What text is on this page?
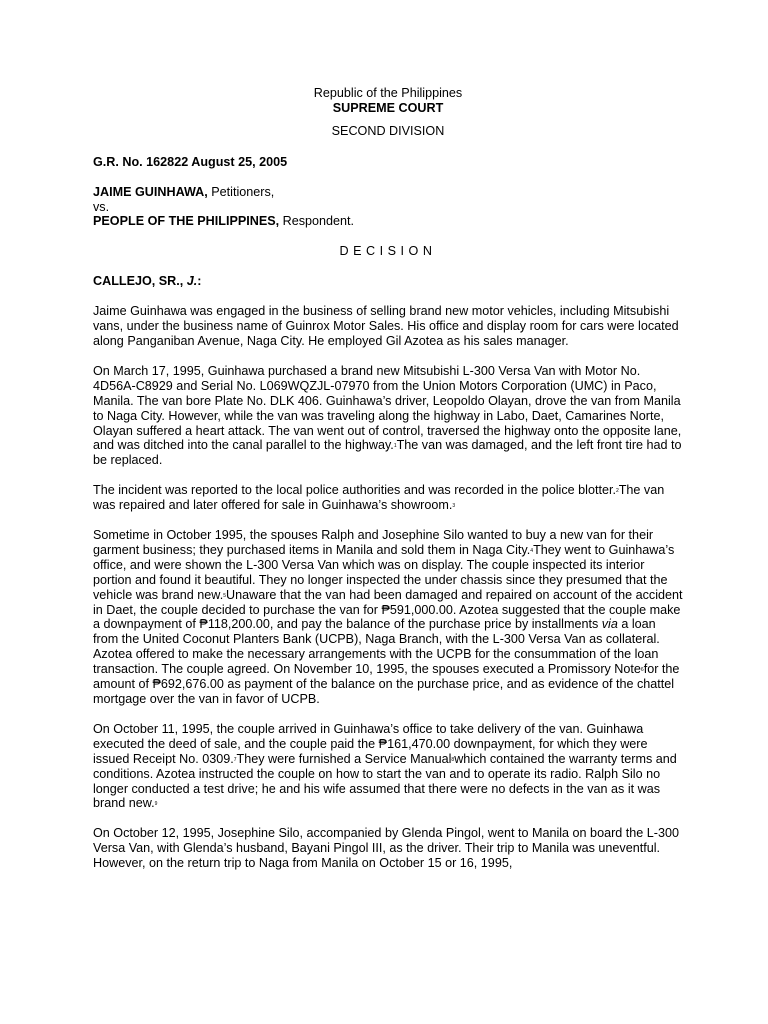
Republic of the Philippines
SUPREME COURT
SECOND DIVISION

G.R. No. 162822 August 25, 2005

JAIME GUINHAWA, Petitioners,

vs.

PEOPLE OF THE PHILIPPINES, Respondent.

DECISION

CALLEJO, SR., J.:

Jaime Guinhawa was engaged in the business of selling brand new motor vehicles, including Mitsubishi vans, under the business name of Guinrox Motor Sales. His office and display room for cars were located along Panganiban Avenue, Naga City. He employed Gil Azotea as his sales manager.

On March 17, 1995, Guinhawa purchased a brand new Mitsubishi L-300 Versa Van with Motor No. 4D56A-C8929 and Serial No. L069WQZJL-07970 from the Union Motors Corporation (UMC) in Paco, Manila. The van bore Plate No. DLK 406. Guinhawa’s driver, Leopoldo Olayan, drove the van from Manila to Naga City. However, while the van was traveling along the highway in Labo, Daet, Camarines Norte, Olayan suffered a heart attack. The van went out of control, traversed the highway onto the opposite lane, and was ditched into the canal parallel to the highway.$^1$The van was damaged, and the left front tire had to be replaced.

The incident was reported to the local police authorities and was recorded in the police blotter.$^2$The van was repaired and later offered for sale in Guinhawa’s showroom.$^3$

Sometime in October 1995, the spouses Ralph and Josephine Silo wanted to buy a new van for their garment business; they purchased items in Manila and sold them in Naga City.$^4$They went to Guinhawa’s office, and were shown the L-300 Versa Van which was on display. The couple inspected its interior portion and found it beautiful. They no longer inspected the under chassis since they presumed that the vehicle was brand new.$^5$Unaware that the van had been damaged and repaired on account of the accident in Daet, the couple decided to purchase the van for ₱591,000.00. Azotea suggested that the couple make a downpayment of ₱118,200.00, and pay the balance of the purchase price by installments via a loan from the United Coconut Planters Bank (UCPB), Naga Branch, with the L-300 Versa Van as collateral. Azotea offered to make the necessary arrangements with the UCPB for the consummation of the loan transaction. The couple agreed. On November 10, 1995, the spouses executed a Promissory Note$^6$for the amount of ₱692,676.00 as payment of the balance on the purchase price, and as evidence of the chattel mortgage over the van in favor of UCPB.

On October 11, 1995, the couple arrived in Guinhawa’s office to take delivery of the van. Guinhawa executed the deed of sale, and the couple paid the ₱161,470.00 downpayment, for which they were issued Receipt No. 0309.$^7$They were furnished a Service Manual$^8$which contained the warranty terms and conditions. Azotea instructed the couple on how to start the van and to operate its radio. Ralph Silo no longer conducted a test drive; he and his wife assumed that there were no defects in the van as it was brand new.$^9$

On October 12, 1995, Josephine Silo, accompanied by Glenda Pingol, went to Manila on board the L-300 Versa Van, with Glenda’s husband, Bayani Pingol III, as the driver. Their trip to Manila was uneventful. However, on the return trip to Naga from Manila on October 15 or 16, 1995,
